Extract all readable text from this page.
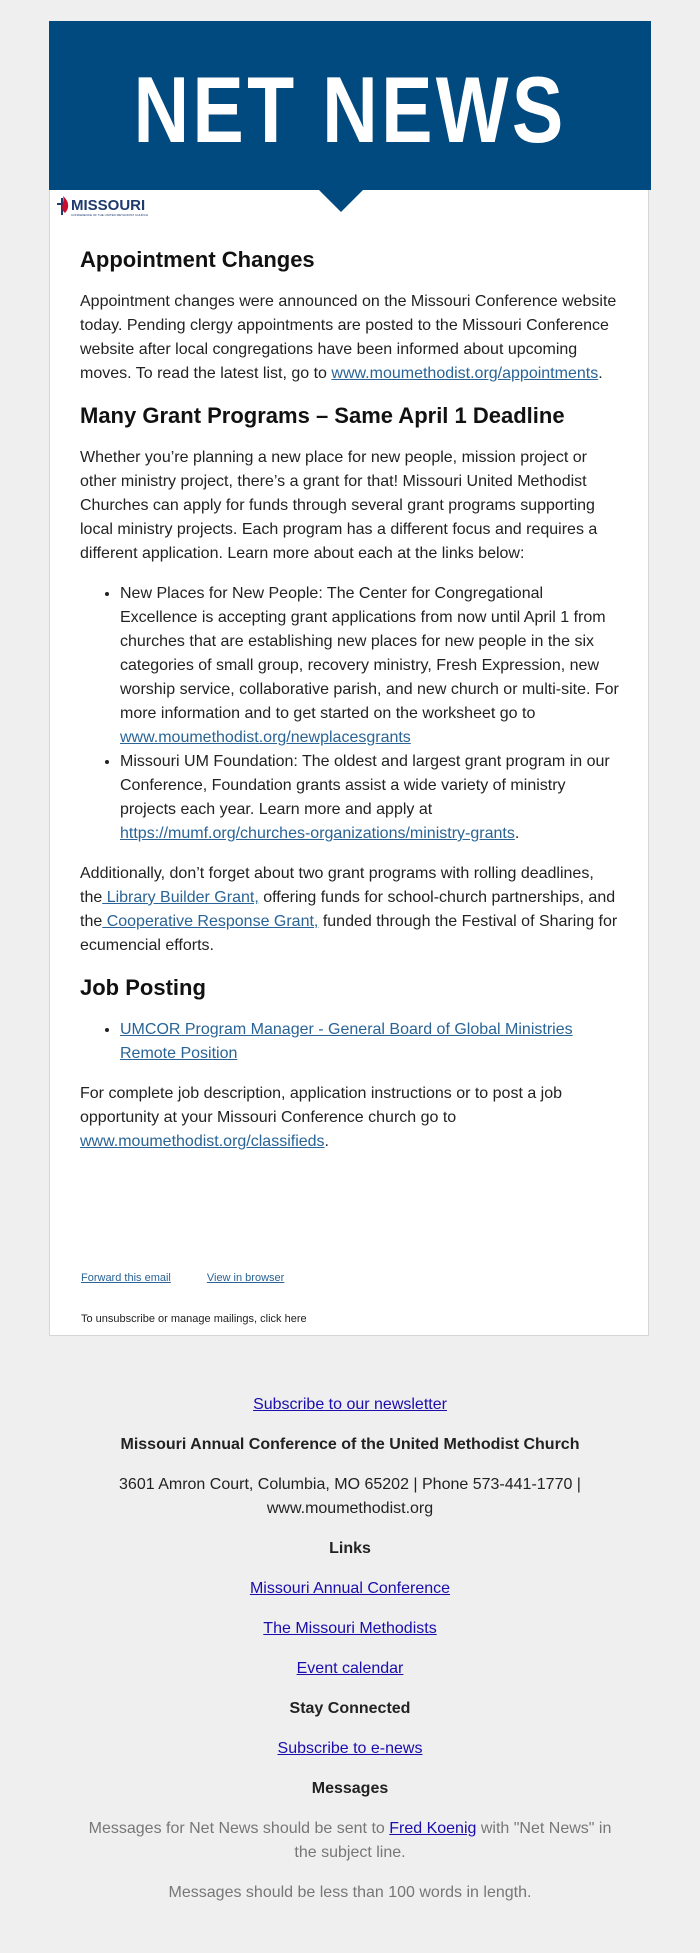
NET NEWS
MISSOURI
CONFERENCE OF THE UNITED METHODIST CHURCH
Appointment Changes

Appointment changes were announced on the Missouri Conference website today. Pending clergy appointments are posted to the Missouri Conference website after local congregations have been informed about upcoming moves. To read the latest list, go to www.moumethodist.org/appointments.

Many Grant Programs – Same April 1 Deadline

Whether you’re planning a new place for new people, mission project or other ministry project, there’s a grant for that! Missouri United Methodist Churches can apply for funds through several grant programs supporting local ministry projects. Each program has a different focus and requires a different application. Learn more about each at the links below:

• New Places for New People: The Center for Congregational Excellence is accepting grant applications from now until April 1 from churches that are establishing new places for new people in the six categories of small group, recovery ministry, Fresh Expression, new worship service, collaborative parish, and new church or multi-site. For more information and to get started on the worksheet go to www.moumethodist.org/newplacesgrants
• Missouri UM Foundation: The oldest and largest grant program in our Conference, Foundation grants assist a wide variety of ministry projects each year. Learn more and apply at https://mumf.org/churches-organizations/ministry-grants.

Additionally, don’t forget about two grant programs with rolling deadlines, the Library Builder Grant, offering funds for school-church partnerships, and the Cooperative Response Grant, funded through the Festival of Sharing for ecumencial efforts.

Job Posting
• UMCOR Program Manager - General Board of Global Ministries Remote Position

For complete job description, application instructions or to post a job opportunity at your Missouri Conference church go to www.moumethodist.org/classifieds.

Forward this email	View in browser
To unsubscribe or manage mailings, click here

Subscribe to our newsletter

Missouri Annual Conference of the United Methodist Church

3601 Amron Court, Columbia, MO 65202 | Phone 573-441-1770 | www.moumethodist.org

Links

Missouri Annual Conference

The Missouri Methodists

Event calendar

Stay Connected

Subscribe to e-news

Messages

Messages for Net News should be sent to Fred Koenig with "Net News" in the subject line.

Messages should be less than 100 words in length.
